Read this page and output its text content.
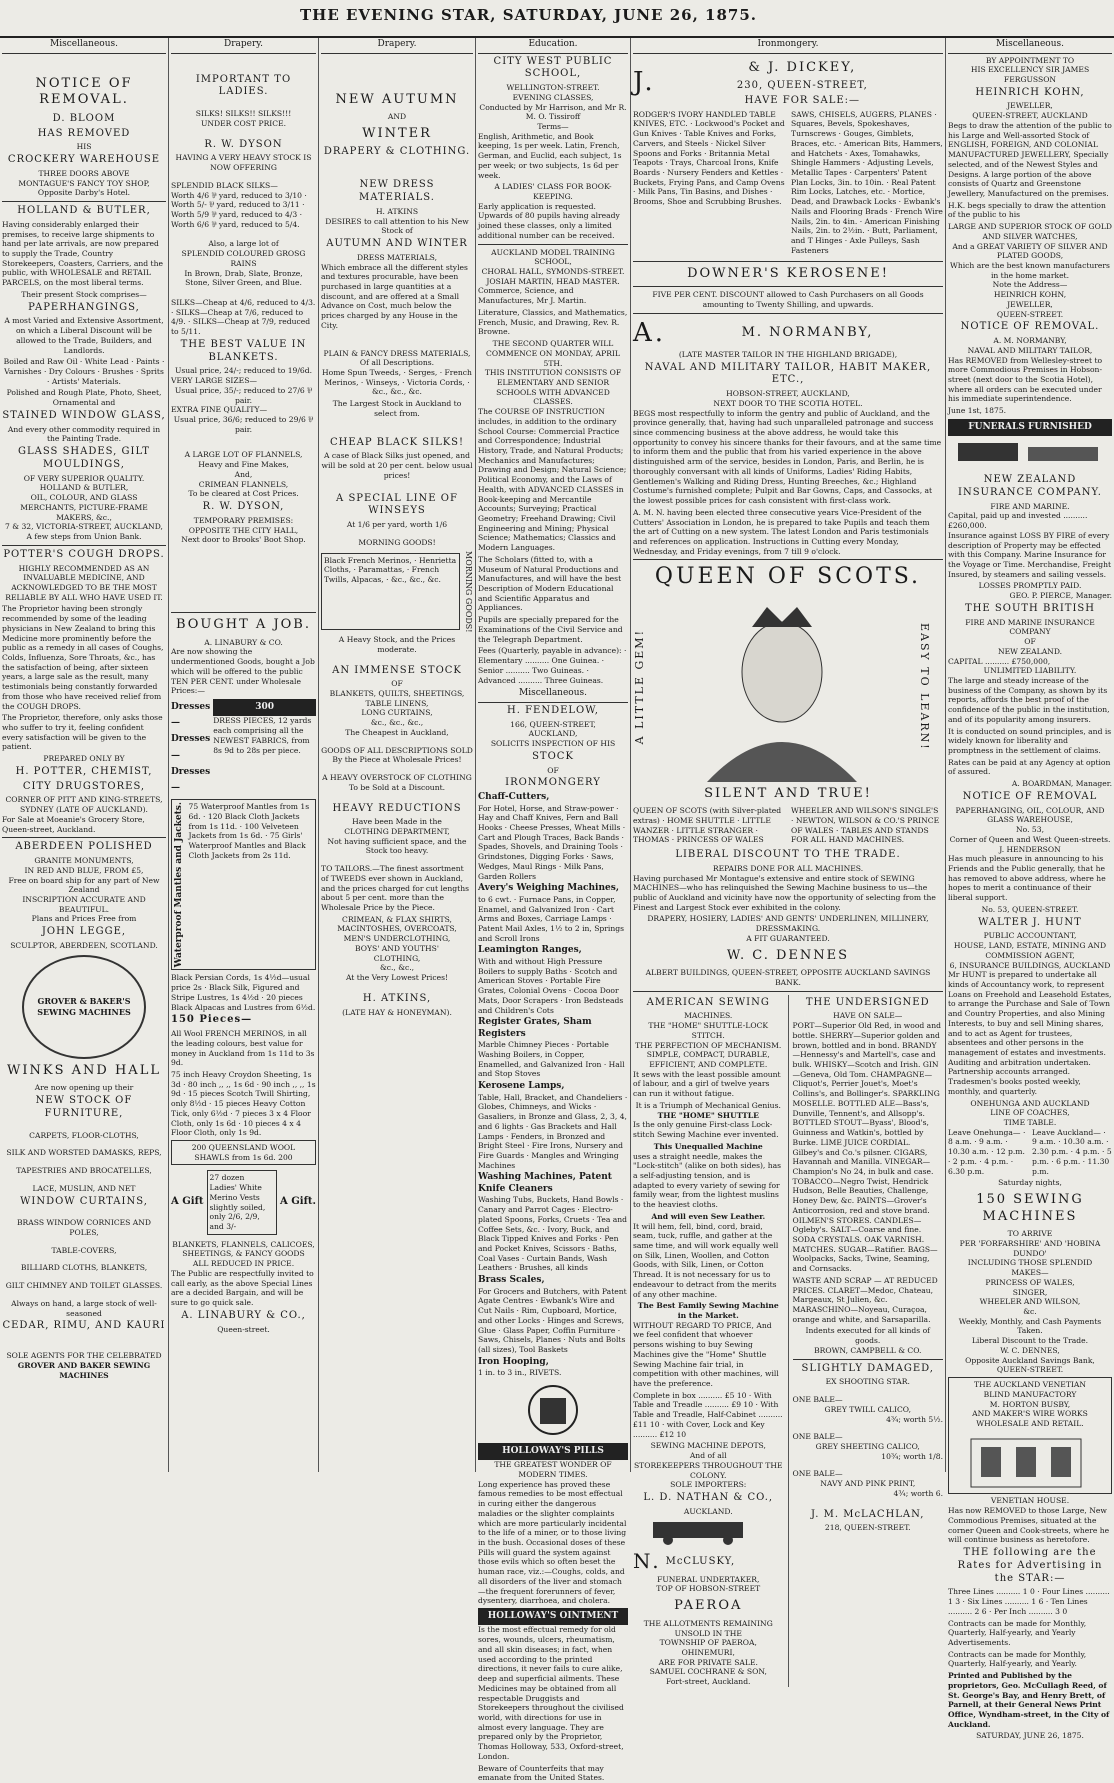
THE EVENING STAR, SATURDAY, JUNE 26, 1875.
Miscellaneous.
NOTICE OF REMOVAL.
D. BLOOM
HAS REMOVED
HIS
CROCKERY WAREHOUSE
THREE DOORS ABOVE
MONTAGUE'S FANCY TOY SHOP,
Opposite Darby's Hotel.
HOLLAND & BUTLER,

Having considerably enlarged their premises, to receive large shipments to hand per late arrivals, are now prepared to supply the Trade, Country Storekeepers, Coasters, Carriers, and the public, with WHOLESALE and RETAIL PARCELS, on the most liberal terms.

Their present Stock comprises—
PAPERHANGINGS,

A most Varied and Extensive Assortment, on which a Liberal Discount will be allowed to the Trade, Builders, and Landlords.

Boiled and Raw Oil · White Lead · Paints · Varnishes · Dry Colours · Brushes · Sprits · Artists' Materials.

Polished and Rough Plate, Photo, Sheet, Ornamental and
STAINED WINDOW GLASS,
And every other commodity required in the Painting Trade.
GLASS SHADES, GILT MOULDINGS,
OF VERY SUPERIOR QUALITY.
HOLLAND & BUTLER,
OIL, COLOUR, AND GLASS MERCHANTS, PICTURE-FRAME MAKERS, &c.,
7 & 32, VICTORIA-STREET, AUCKLAND,
A few steps from Union Bank.
POTTER'S COUGH DROPS.

HIGHLY RECOMMENDED AS AN INVALUABLE MEDICINE, AND ACKNOWLEDGED TO BE THE MOST RELIABLE BY ALL WHO HAVE USED IT.

The Proprietor having been strongly recommended by some of the leading physicians in New Zealand to bring this Medicine more prominently before the public as a remedy in all cases of Coughs, Colds, Influenza, Sore Throats, &c., has the satisfaction of being, after sixteen years, a large sale as the result, many testimonials being constantly forwarded from those who have received relief from the COUGH DROPS.

The Proprietor, therefore, only asks those who suffer to try it, feeling confident every satisfaction will be given to the patient.

PREPARED ONLY BY
H. POTTER, CHEMIST,
CITY DRUGSTORES,
CORNER OF PITT AND KING-STREETS,
SYDNEY (LATE OF AUCKLAND).

For Sale at Moeanie's Grocery Store, Queen-street, Auckland.

ABERDEEN POLISHED
GRANITE MONUMENTS,
IN RED AND BLUE, FROM £5,
Free on board ship for any part of New Zealand
INSCRIPTION ACCURATE AND BEAUTIFUL.
Plans and Prices Free from
JOHN LEGGE,
SCULPTOR, ABERDEEN, SCOTLAND.
GROVER & BAKER'S SEWING MACHINES
WINKS AND HALL
Are now opening up their
NEW STOCK OF FURNITURE,
CARPETS, FLOOR-CLOTHS,
SILK AND WORSTED DAMASKS, REPS,
TAPESTRIES AND BROCATELLES,
LACE, MUSLIN, AND NET
WINDOW CURTAINS,
BRASS WINDOW CORNICES AND POLES,
TABLE-COVERS,
BILLIARD CLOTHS, BLANKETS,
GILT CHIMNEY AND TOILET GLASSES.
Always on hand, a large stock of well-seasoned
CEDAR, RIMU, AND KAURI
SOLE AGENTS FOR THE CELEBRATED
GROVER AND BAKER SEWING MACHINES
Drapery.
IMPORTANT TO LADIES.
SILKS! SILKS!! SILKS!!!
UNDER COST PRICE.
R. W. DYSON
HAVING A VERY HEAVY STOCK IS NOW OFFERING
SPLENDID BLACK SILKS—

Worth 4/6 ⅌ yard, reduced to 3/10 · Worth 5/- ⅌ yard, reduced to 3/11 · Worth 5/9 ⅌ yard, reduced to 4/3 · Worth 6/6 ⅌ yard, reduced to 5/4.

Also, a large lot of
SPLENDID COLOURED GROSG RAINS

In Brown, Drab, Slate, Bronze, Stone, Silver Green, and Blue.

SILKS—Cheap at 4/6, reduced to 4/3. · SILKS—Cheap at 7/6, reduced to 4/9. · SILKS—Cheap at 7/9, reduced to 5/11.

THE BEST VALUE IN BLANKETS.
Usual price, 24/-; reduced to 19/6d.
VERY LARGE SIZES—
Usual price, 35/-; reduced to 27/6 ⅌ pair.
EXTRA FINE QUALITY—
Usual price, 36/6; reduced to 29/6 ⅌ pair.
A LARGE LOT OF FLANNELS,
Heavy and Fine Makes,
And,
CRIMEAN FLANNELS,
To be cleared at Cost Prices.
R. W. DYSON,
TEMPORARY PREMISES:
OPPOSITE THE CITY HALL,
Next door to Brooks' Boot Shop.
BOUGHT A JOB.
A. LINABURY & CO.

Are now showing the undermentioned Goods, bought a Job which will be offered to the public TEN PER CENT. under Wholesale Prices:—

Dresses—
Dresses—
Dresses—
300

DRESS PIECES, 12 yards each comprising all the NEWEST FABRICS, from 8s 9d to 28s per piece.

Waterproof Mantles and Jackets. 75 Waterproof Mantles from 1s 6d. · 120 Black Cloth Jackets from 1s 11d. · 100 Velveteen Jackets from 1s 6d. · 75 Girls' Waterproof Mantles and Black Cloth Jackets from 2s 11d.

Black Persian Cords, 1s 4½d—usual price 2s · Black Silk, Figured and Stripe Lustres, 1s 4½d · 20 pieces Black Alpacas and Lustres from 6½d.

150 Pieces—

All Wool FRENCH MERINOS, in all the leading colours, best value for money in Auckland from 1s 11d to 3s 9d.

75 inch Heavy Croydon Sheeting, 1s 3d · 80 inch ,, ,, 1s 6d · 90 inch ,, ,, 1s 9d · 15 pieces Scotch Twill Shirting, only 8½d · 15 pieces Heavy Cotton Tick, only 6½d · 7 pieces 3 x 4 Floor Cloth, only 1s 6d · 10 pieces 4 x 4 Floor Cloth, only 1s 9d.

200 QUEENSLAND WOOL SHAWLS from 1s 6d. 200
A Gift
27 dozen Ladies' White Merino Vests slightly soiled, only 2/6, 2/9, and 3/-
A Gift.
BLANKETS, FLANNELS, CALICOES, SHEETINGS, & FANCY GOODS
ALL REDUCED IN PRICE.

The Public are respectfully invited to call early, as the above Special Lines are a decided Bargain, and will be sure to go quick sale.

A. LINABURY & CO.,
Queen-street.
Drapery.
NEW AUTUMN
AND
WINTER
DRAPERY & CLOTHING.
NEW DRESS MATERIALS.
H. ATKINS
DESIRES to call attention to his New Stock of
AUTUMN AND WINTER
DRESS MATERIALS,

Which embrace all the different styles and textures procurable, have been purchased in large quantities at a discount, and are offered at a Small Advance on Cost, much below the prices charged by any House in the City.

PLAIN & FANCY DRESS MATERIALS,
Of all Descriptions.

Home Spun Tweeds, · Serges, · French Merinos, · Winseys, · Victoria Cords, · &c., &c., &c.

The Largest Stock in Auckland to select from.
CHEAP BLACK SILKS!

A case of Black Silks just opened, and will be sold at 20 per cent. below usual prices!

A SPECIAL LINE OF WINSEYS
At 1/6 per yard, worth 1/6
MORNING GOODS!
Black French Merinos, · Henrietta Cloths, · Paramattas, · French Twills, Alpacas, · &c., &c., &c.	MORNING GOODS!
A Heavy Stock, and the Prices moderate.
AN IMMENSE STOCK
OF
BLANKETS, QUILTS, SHEETINGS,
TABLE LINENS,
LONG CURTAINS,
&c., &c., &c.,
The Cheapest in Auckland,
GOODS OF ALL DESCRIPTIONS SOLD
By the Piece at Wholesale Prices!
A HEAVY OVERSTOCK OF CLOTHING
To be Sold at a Discount.
HEAVY REDUCTIONS
Have been Made in the
CLOTHING DEPARTMENT,
Not having sufficient space, and the Stock too heavy.

TO TAILORS.—The finest assortment of TWEEDS ever shown in Auckland, and the prices charged for cut lengths about 5 per cent. more than the Wholesale Price by the Piece.

CRIMEAN, & FLAX SHIRTS,
MACINTOSHES, OVERCOATS,
MEN'S UNDERCLOTHING,
BOYS' AND YOUTHS'
CLOTHING,
&c., &c.,
At the Very Lowest Prices!
H. ATKINS,
(LATE HAY & HONEYMAN).
Education.
CITY WEST PUBLIC SCHOOL,
WELLINGTON-STREET.
EVENING CLASSES,
Conducted by Mr Harrison, and Mr R. M. O. Tissiroff
Terms—

English, Arithmetic, and Book keeping, 1s per week. Latin, French, German, and Euclid, each subject, 1s per week; or two subjects, 1s 6d per week.

A LADIES' CLASS FOR BOOK-KEEPING.

Early application is requested. Upwards of 80 pupils having already joined these classes, only a limited additional number can be received.

AUCKLAND MODEL TRAINING SCHOOL,
CHORAL HALL, SYMONDS-STREET.
JOSIAH MARTIN, HEAD MASTER.

Commerce, Science, and Manufactures, Mr J. Martin.

Literature, Classics, and Mathematics, French, Music, and Drawing, Rev. R. Browne.

THE SECOND QUARTER WILL COMMENCE ON MONDAY, APRIL 5TH.
THIS INSTITUTION CONSISTS OF ELEMENTARY AND SENIOR SCHOOLS WITH ADVANCED CLASSES.

The COURSE OF INSTRUCTION includes, in addition to the ordinary School Course: Commercial Practice and Correspondence; Industrial History, Trade, and Natural Products; Mechanics and Manufactures; Drawing and Design; Natural Science; Political Economy, and the Laws of Health, with ADVANCED CLASSES in Book-keeping and Mercantile Accounts; Surveying; Practical Geometry; Freehand Drawing; Civil Engineering and Mining; Physical Science; Mathematics; Classics and Modern Languages.

The Scholars (fitted to, with a Museum of Natural Productions and Manufactures, and will have the best Description of Modern Educational and Scientific Apparatus and Appliances.

Pupils are specially prepared for the Examinations of the Civil Service and the Telegraph Department.

Fees (Quarterly, payable in advance): · Elementary .......... One Guinea. · Senior .......... Two Guineas. · Advanced .......... Three Guineas.

Miscellaneous.
H. FENDELOW,
166, QUEEN-STREET,
AUCKLAND,
SOLICITS INSPECTION OF HIS
STOCK
OF
IRONMONGERY
Chaff-Cutters,

For Hotel, Horse, and Straw-power · Hay and Chaff Knives, Fern and Ball Hooks · Cheese Presses, Wheat Mills · Cart and Plough Traces, Back Bands · Spades, Shovels, and Draining Tools · Grindstones, Digging Forks · Saws, Wedges, Maul Rings · Milk Pans, Garden Rollers

Avery's Weighing Machines,

to 6 cwt. · Furnace Pans, in Copper, Enamel, and Galvanized Iron · Cart Arms and Boxes, Carriage Lamps · Patent Mail Axles, 1½ to 2 in, Springs and Scroll Irons

Leamington Ranges,

With and without High Pressure Boilers to supply Baths · Scotch and American Stoves · Portable Fire Grates, Colonial Ovens · Cocoa Door Mats, Door Scrapers · Iron Bedsteads and Children's Cots

Register Grates, Sham Registers

Marble Chimney Pieces · Portable Washing Boilers, in Copper, Enamelled, and Galvanized Iron · Hall and Stop Stoves

Kerosene Lamps,

Table, Hall, Bracket, and Chandeliers · Globes, Chimneys, and Wicks · Gasaliers, in Bronze and Glass, 2, 3, 4, and 6 lights · Gas Brackets and Hall Lamps · Fenders, in Bronzed and Bright Steel · Fire Irons, Nursery and Fire Guards · Mangles and Wringing Machines

Washing Machines, Patent Knife Cleaners

Washing Tubs, Buckets, Hand Bowls · Canary and Parrot Cages · Electro-plated Spoons, Forks, Cruets · Tea and Coffee Sets, &c. · Ivory, Buck, and Black Tipped Knives and Forks · Pen and Pocket Knives, Scissors · Baths, Coal Vases · Curtain Bands, Wash Leathers · Brushes, all kinds

Brass Scales,

For Grocers and Butchers, with Patent Agate Centres · Ewbank's Wire and Cut Nails · Rim, Cupboard, Mortice, and other Locks · Hinges and Screws, Glue · Glass Paper, Coffin Furniture · Saws, Chisels, Planes · Nuts and Bolts (all sizes), Tool Baskets

Iron Hooping,

1 in. to 3 in., RIVETS.

HOLLOWAY'S PILLS
THE GREATEST WONDER OF MODERN TIMES.

Long experience has proved these famous remedies to be most effectual in curing either the dangerous maladies or the slighter complaints which are more particularly incidental to the life of a miner, or to those living in the bush. Occasional doses of these Pills will guard the system against those evils which so often beset the human race, viz.:—Coughs, colds, and all disorders of the liver and stomach—the frequent forerunners of fever, dysentery, diarrhoea, and cholera.

HOLLOWAY'S OINTMENT

Is the most effectual remedy for old sores, wounds, ulcers, rheumatism, and all skin diseases; in fact, when used according to the printed directions, it never fails to cure alike, deep and superficial ailments. These Medicines may be obtained from all respectable Druggists and Storekeepers throughout the civilised world, with directions for use in almost every language. They are prepared only by the Proprietor, Thomas Holloway, 533, Oxford-street, London.

Beware of Counterfeits that may emanate from the United States.

Ironmongery.
J.	& J. DICKEY,
230, QUEEN-STREET,
HAVE FOR SALE:—

RODGER'S IVORY HANDLED TABLE KNIVES, ETC. · Lockwood's Pocket and Gun Knives · Table Knives and Forks, Carvers, and Steels · Nickel Silver Spoons and Forks · Britannia Metal Teapots · Trays, Charcoal Irons, Knife Boards · Nursery Fenders and Kettles · Buckets, Frying Pans, and Camp Ovens · Milk Pans, Tin Basins, and Dishes · Brooms, Shoe and Scrubbing Brushes.

SAWS, CHISELS, AUGERS, PLANES · Squares, Bevels, Spokeshaves, Turnscrews · Gouges, Gimblets, Braces, etc. · American Bits, Hammers, and Hatchets · Axes, Tomahawks, Shingle Hammers · Adjusting Levels, Metallic Tapes · Carpenters' Patent Plan Locks, 3in. to 10in. · Real Patent Rim Locks, Latches, etc. · Mortice, Dead, and Drawback Locks · Ewbank's Nails and Flooring Brads · French Wire Nails, 2in. to 4in. · American Finishing Nails, 2in. to 2½in. · Butt, Parliament, and T Hinges · Axle Pulleys, Sash Fasteners

DOWNER'S KEROSENE!

FIVE PER CENT. DISCOUNT allowed to Cash Purchasers on all Goods amounting to Twenty Shilling, and upwards.

A.	M. NORMANBY,
(LATE MASTER TAILOR IN THE HIGHLAND BRIGADE),
NAVAL AND MILITARY TAILOR, HABIT MAKER, ETC.,
HOBSON-STREET, AUCKLAND,
NEXT DOOR TO THE SCOTIA HOTEL.

BEGS most respectfully to inform the gentry and public of Auckland, and the province generally, that, having had such unparalleled patronage and success since commencing business at the above address, he would take this opportunity to convey his sincere thanks for their favours, and at the same time to inform them and the public that from his varied experience in the above distinguished arm of the service, besides in London, Paris, and Berlin, he is thoroughly conversant with all kinds of Uniforms, Ladies' Riding Habits, Gentlemen's Walking and Riding Dress, Hunting Breeches, &c.; Highland Costume's furnished complete; Pulpit and Bar Gowns, Caps, and Cassocks, at the lowest possible prices for cash consistent with first-class work.

A. M. N. having been elected three consecutive years Vice-President of the Cutters' Association in London, he is prepared to take Pupils and teach them the art of Cutting on a new system. The latest London and Paris testimonials and references on application. Instructions in Cutting every Monday, Wednesday, and Friday evenings, from 7 till 9 o'clock.

QUEEN OF SCOTS.
A LITTLE GEM!	EASY TO LEARN!
SILENT AND TRUE!

QUEEN OF SCOTS (with Silver-plated extras) · HOME SHUTTLE · LITTLE WANZER · LITTLE STRANGER · THOMAS · PRINCESS OF WALES

WHEELER AND WILSON'S SINGLE'S · NEWTON, WILSON & CO.'S PRINCE OF WALES · TABLES AND STANDS FOR ALL HAND MACHINES.

LIBERAL DISCOUNT TO THE TRADE.
REPAIRS DONE FOR ALL MACHINES.

Having purchased Mr Montague's extensive and entire stock of SEWING MACHINES—who has relinquished the Sewing Machine business to us—the public of Auckland and vicinity have now the opportunity of selecting from the Finest and Largest Stock ever exhibited in the colony.

DRAPERY, HOSIERY, LADIES' AND GENTS' UNDERLINEN, MILLINERY, DRESSMAKING.
A FIT GUARANTEED.
W. C. DENNES
ALBERT BUILDINGS, QUEEN-STREET, OPPOSITE AUCKLAND SAVINGS BANK.
AMERICAN SEWING
MACHINES.
THE "HOME" SHUTTLE-LOCK STITCH.
THE PERFECTION OF MECHANISM.
SIMPLE, COMPACT, DURABLE, EFFICIENT, AND COMPLETE.

It sews with the least possible amount of labour, and a girl of twelve years can run it without fatigue.

It is a Triumph of Mechanical Genius.
THE "HOME" SHUTTLE

Is the only genuine First-class Lock-stitch Sewing Machine ever invented.

This Unequalled Machine

uses a straight needle, makes the "Lock-stitch" (alike on both sides), has a self-adjusting tension, and is adapted to every variety of sewing for family wear, from the lightest muslins to the heaviest cloths.

And will even Sew Leather.

It will hem, fell, bind, cord, braid, seam, tuck, ruffle, and gather at the same time, and will work equally well on Silk, Linen, Woollen, and Cotton Goods, with Silk, Linen, or Cotton Thread. It is not necessary for us to endeavour to detract from the merits of any other machine.

The Best Family Sewing Machine in the Market.

WITHOUT REGARD TO PRICE, And we feel confident that whoever persons wishing to buy Sewing Machines give the "Home" Shuttle Sewing Machine fair trial, in competition with other machines, will have the preference.

Complete in box .......... £5 10 · With Table and Treadle .......... £9 10 · With Table and Treadle, Half-Cabinet .......... £11 10 · with Cover, Lock and Key .......... £12 10

SEWING MACHINE DEPOTS,
And of all
STOREKEEPERS THROUGHOUT THE COLONY.
SOLE IMPORTERS:
L. D. NATHAN & CO.,
AUCKLAND.
N. McCLUSKY,
FUNERAL UNDERTAKER,
TOP OF HOBSON-STREET
PAEROA
THE ALLOTMENTS REMAINING UNSOLD IN THE
TOWNSHIP OF PAEROA, OHINEMURI,
ARE FOR PRIVATE SALE.
SAMUEL COCHRANE & SON,
Fort-street, Auckland.
THE UNDERSIGNED
HAVE ON SALE—

PORT—Superior Old Red, in wood and bottle. SHERRY—Superior golden and brown, bottled and in bond. BRANDY—Hennessy's and Martell's, case and bulk. WHISKY—Scotch and Irish. GIN—Geneva, Old Tom. CHAMPAGNE—Cliquot's, Perrier Jouet's, Moet's Collins's, and Bollinger's. SPARKLING MOSELLE. BOTTLED ALE—Bass's, Dunville, Tennent's, and Allsopp's. BOTTLED STOUT—Byass', Blood's, Guinness and Watkin's, bottled by Burke. LIME JUICE CORDIAL. Gilbey's and Co.'s pilsner. CIGARS, Havannah and Manilla. VINEGAR—Champion's No 24, in bulk and case. TOBACCO—Negro Twist, Hendrick Hudson, Belle Beauties, Challenge, Honey Dew, &c. PAINTS—Grover's Anticorrosion, red and stove brand. OILMEN'S STORES. CANDLES—Ogleby's. SALT—Coarse and fine. SODA CRYSTALS. OAK VARNISH. MATCHES. SUGAR—Ratifier. BAGS—Woolpacks, Sacks, Twine, Seaming, and Cornsacks.

WASTE AND SCRAP — AT REDUCED PRICES. CLARET—Medoc, Chateau, Margeaux, St Julien, &c. MARASCHINO—Noyeau, Curaçoa, orange and white, and Sarsaparilla.

Indents executed for all kinds of goods.
BROWN, CAMPBELL & CO.
SLIGHTLY DAMAGED,
EX SHOOTING STAR.
ONE BALE—
GREY TWILL CALICO,
4¾; worth 5½.
ONE BALE—
GREY SHEETING CALICO,
10¾; worth 1/8.
ONE BALE—
NAVY AND PINK PRINT,
4¾; worth 6.
J. M. McLACHLAN,
218, QUEEN-STREET.
Miscellaneous.
BY APPOINTMENT TO
HIS EXCELLENCY SIR JAMES FERGUSSON
HEINRICH KOHN,
JEWELLER,
QUEEN-STREET, AUCKLAND

Begs to draw the attention of the public to his Large and Well-assorted Stock of ENGLISH, FOREIGN, AND COLONIAL MANUFACTURED JEWELLERY, Specially selected, and of the Newest Styles and Designs. A large portion of the above consists of Quartz and Greenstone Jewellery, Manufactured on the premises.

H.K. begs specially to draw the attention of the public to his

LARGE AND SUPERIOR STOCK OF GOLD AND SILVER WATCHES,
And a GREAT VARIETY OF SILVER AND PLATED GOODS,
Which are the best known manufacturers in the home market.
Note the Address—
HEINRICH KOHN,
JEWELLER,
QUEEN-STREET.
NOTICE OF REMOVAL.
A. M. NORMANBY,
NAVAL AND MILITARY TAILOR,

Has REMOVED from Wellesley-street to more Commodious Premises in Hobson-street (next door to the Scotia Hotel), where all orders can be executed under his immediate superintendence.

June 1st, 1875.
FUNERALS FURNISHED
NEW ZEALAND INSURANCE COMPANY.
FIRE AND MARINE.
Capital, paid up and invested .......... £260,000.

Insurance against LOSS BY FIRE of every description of Property may be effected with this Company. Marine Insurance for the Voyage or Time. Merchandise, Freight Insured, by steamers and sailing vessels.

LOSSES PROMPTLY PAID.
GEO. P. PIERCE, Manager.
THE SOUTH BRITISH
FIRE AND MARINE INSURANCE COMPANY
OF
NEW ZEALAND.
CAPITAL .......... £750,000,
UNLIMITED LIABILITY.

The large and steady increase of the business of the Company, as shown by its reports, affords the best proof of the confidence of the public in the institution, and of its popularity among insurers.

It is conducted on sound principles, and is widely known for liberality and promptness in the settlement of claims.

Rates can be paid at any Agency at option of assured.

A. BOARDMAN, Manager.
NOTICE OF REMOVAL
PAPERHANGING, OIL, COLOUR, AND GLASS WAREHOUSE,
No. 53,
Corner of Queen and West Queen-streets.
J. HENDERSON

Has much pleasure in announcing to his Friends and the Public generally, that he has removed to above address, where he hopes to merit a continuance of their liberal support.

No. 53, QUEEN-STREET.
WALTER J. HUNT
PUBLIC ACCOUNTANT,
HOUSE, LAND, ESTATE, MINING AND COMMISSION AGENT,
6, INSURANCE BUILDINGS, AUCKLAND

Mr HUNT is prepared to undertake all kinds of Accountancy work, to represent Loans on Freehold and Leasehold Estates, to arrange the Purchase and Sale of Town and Country Properties, and also Mining Interests, to buy and sell Mining shares, and to act as Agent for trustees, absentees and other persons in the management of estates and investments. Auditing and arbitration undertaken. Partnership accounts arranged. Tradesmen's books posted weekly, monthly, and quarterly.

ONEHUNGA AND AUCKLAND
LINE OF COACHES,
TIME TABLE.

Leave Onehunga— · 8 a.m. · 9 a.m. · 10.30 a.m. · 12 p.m. · 2 p.m. · 4 p.m. · 6.30 p.m.

Leave Auckland— · 9 a.m. · 10.30 a.m. · 2.30 p.m. · 4 p.m. · 5 p.m. · 6 p.m. · 11.30 p.m.

Saturday nights,
150 SEWING MACHINES
TO ARRIVE
PER 'FORFARSHIRE' AND 'HOBINA DUNDO'
INCLUDING THOSE SPLENDID
MAKES—
PRINCESS OF WALES,
SINGER,
WHEELER AND WILSON,
&c.
Weekly, Monthly, and Cash Payments Taken.
Liberal Discount to the Trade.
W. C. DENNES,
Opposite Auckland Savings Bank, QUEEN-STREET.
THE AUCKLAND VENETIAN
BLIND MANUFACTORY
M. HORTON BUSBY,
AND MAKER'S WIRE WORKS
WHOLESALE AND RETAIL.
VENETIAN HOUSE.

Has now REMOVED to those Large, New Commodious Premises, situated at the corner Queen and Cook-streets, where he will continue business as heretofore.

THE following are the Rates for Advertising in the STAR:—

Three Lines .......... 1 0 · Four Lines .......... 1 3 · Six Lines .......... 1 6 · Ten Lines .......... 2 6 · Per Inch .......... 3 0

Contracts can be made for Monthly, Quarterly, Half-yearly, and Yearly Advertisements.

Contracts can be made for Monthly, Quarterly, Half-yearly, and Yearly.

Printed and Published by the proprietors, Geo. McCullagh Reed, of St. George's Bay, and Henry Brett, of Parnell, at their General News Print Office, Wyndham-street, in the City of Auckland.

SATURDAY, JUNE 26, 1875.
